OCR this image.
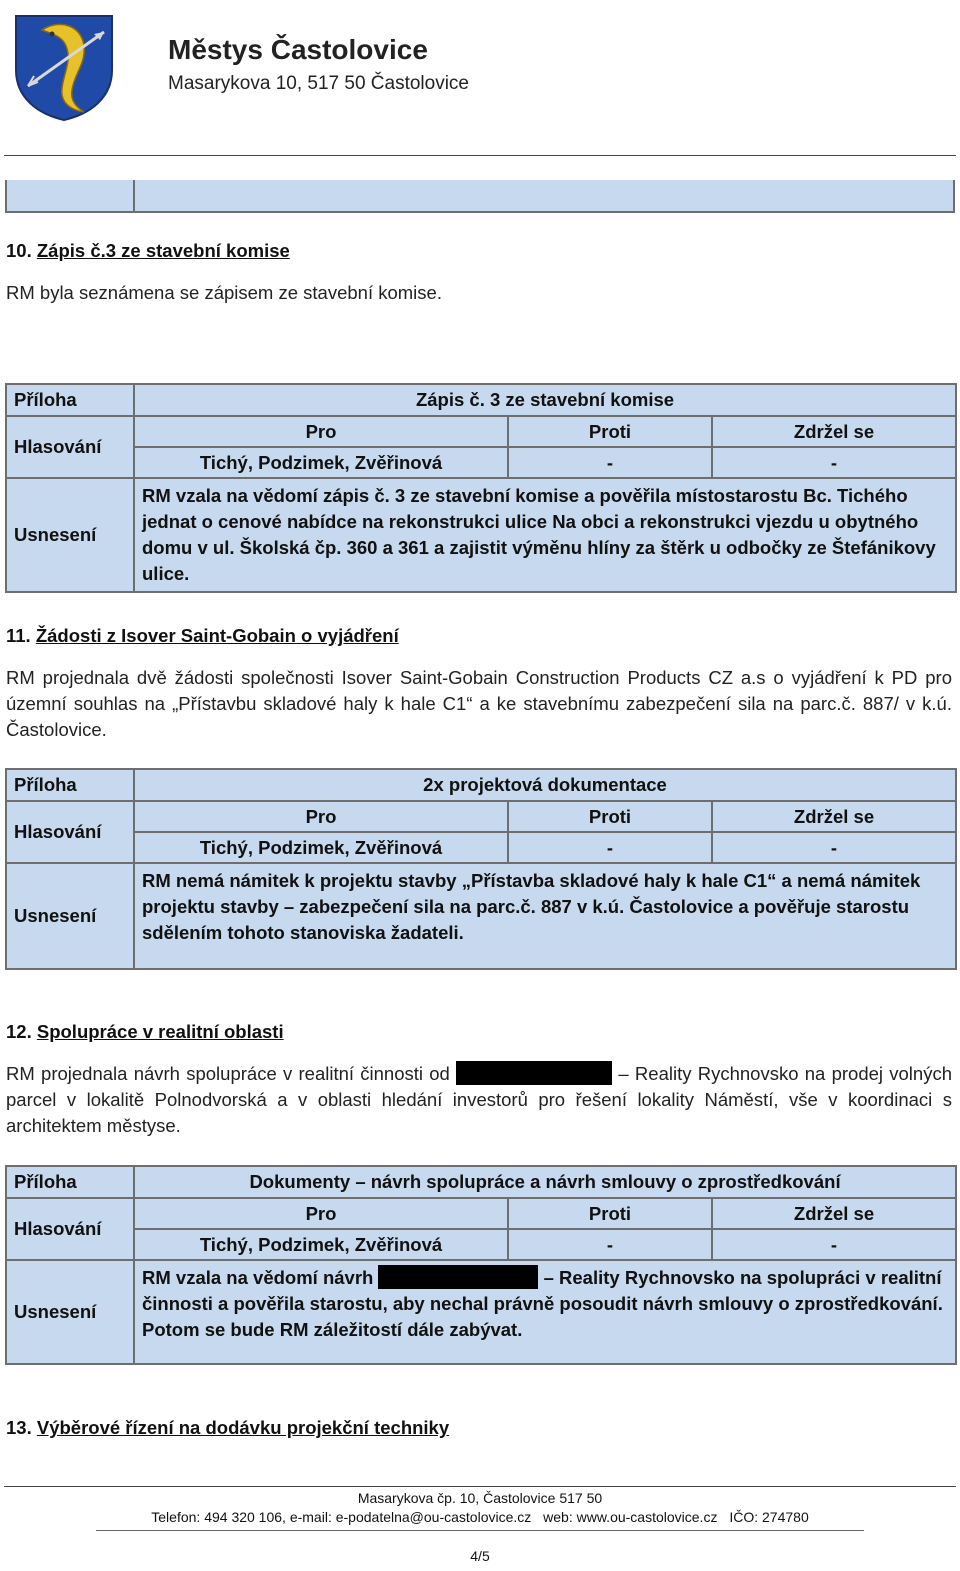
Městys Častolovice
Masarykova 10, 517 50 Častolovice

10. Zápis č.3 ze stavební komise
RM byla seznámena se zápisem ze stavební komise.
Příloha	Zápis č. 3 ze stavební komise		
Hlasování	Pro	Proti	Zdržel se
	Tichý, Podzimek, Zvěřinová	-	-
Usnesení	RM vzala na vědomí zápis č. 3 ze stavební komise a pověřila místostarostu Bc. Tichého jednat o cenové nabídce na rekonstrukci ulice Na obci a rekonstrukci vjezdu u obytného domu v ul. Školská čp. 360 a 361 a zajistit výměnu hlíny za štěrk u odbočky ze Štefánikovy ulice.		
11. Žádosti z Isover Saint-Gobain o vyjádření
RM projednala dvě žádosti společnosti Isover Saint-Gobain Construction Products CZ a.s o vyjádření k PD pro územní souhlas na „Přístavbu skladové haly k hale C1“ a ke stavebnímu zabezpečení sila na parc.č. 887/ v k.ú. Častolovice.
Příloha	2x projektová dokumentace		
Hlasování	Pro	Proti	Zdržel se
	Tichý, Podzimek, Zvěřinová	-	-
Usnesení	RM nemá námitek k projektu stavby „Přístavba skladové haly k hale C1“ a nemá námitek projektu stavby – zabezpečení sila na parc.č. 887 v k.ú. Častolovice a pověřuje starostu sdělením tohoto stanoviska žadateli.		
12. Spolupráce v realitní oblasti
RM projednala návrh spolupráce v realitní činnosti od	– Reality Rychnovsko na prodej volných parcel v lokalitě Polnodvorská a v oblasti hledání investorů pro řešení lokality Náměstí, vše v koordinaci s architektem městyse.
Příloha	Dokumenty – návrh spolupráce a návrh smlouvy o zprostředkování		
Hlasování	Pro	Proti	Zdržel se
	Tichý, Podzimek, Zvěřinová	-	-
Usnesení	RM vzala na vědomí návrh – Reality Rychnovsko na spolupráci v realitní činnosti a pověřila starostu, aby nechal právně posoudit návrh smlouvy o zprostředkování. Potom se bude RM záležitostí dále zabývat.		
13. Výběrové řízení na dodávku projekční techniky
Masarykova čp. 10, Častolovice 517 50
Telefon: 494 320 106, e-mail: e-podatelna@ou-castolovice.cz web: www.ou-castolovice.cz IČO: 274780
4/5
